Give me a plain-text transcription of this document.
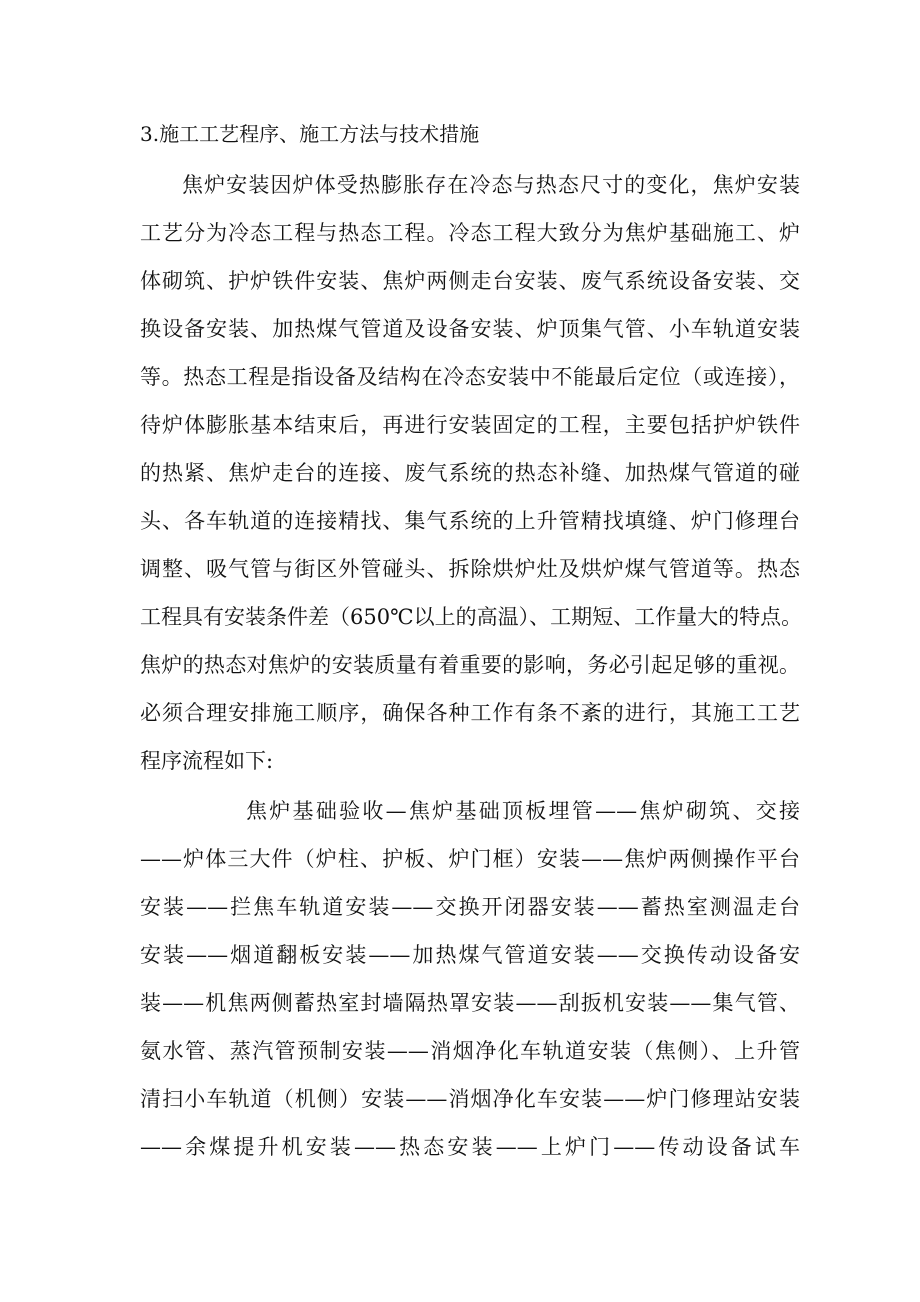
3.施工工艺程序、施工方法与技术措施
焦炉安装因炉体受热膨胀存在冷态与热态尺寸的变化，焦炉安装
工艺分为冷态工程与热态工程。冷态工程大致分为焦炉基础施工、炉
体砌筑、护炉铁件安装、焦炉两侧走台安装、废气系统设备安装、交
换设备安装、加热煤气管道及设备安装、炉顶集气管、小车轨道安装
等。热态工程是指设备及结构在冷态安装中不能最后定位（或连接），
待炉体膨胀基本结束后，再进行安装固定的工程，主要包括护炉铁件
的热紧、焦炉走台的连接、废气系统的热态补缝、加热煤气管道的碰
头、各车轨道的连接精找、集气系统的上升管精找填缝、炉门修理台
调整、吸气管与街区外管碰头、拆除烘炉灶及烘炉煤气管道等。热态
工程具有安装条件差（650℃以上的高温）、工期短、工作量大的特点。
焦炉的热态对焦炉的安装质量有着重要的影响，务必引起足够的重视。
必须合理安排施工顺序，确保各种工作有条不紊的进行，其施工工艺
程序流程如下:
焦炉基础验收—焦炉基础顶板埋管——焦炉砌筑、交接
——炉体三大件（炉柱、护板、炉门框）安装——焦炉两侧操作平台
安装——拦焦车轨道安装——交换开闭器安装——蓄热室测温走台
安装——烟道翻板安装——加热煤气管道安装——交换传动设备安
装——机焦两侧蓄热室封墙隔热罩安装——刮扳机安装——集气管、
氨水管、蒸汽管预制安装——消烟净化车轨道安装（焦侧）、上升管
清扫小车轨道（机侧）安装——消烟净化车安装——炉门修理站安装
——余煤提升机安装——热态安装——上炉门——传动设备试车
